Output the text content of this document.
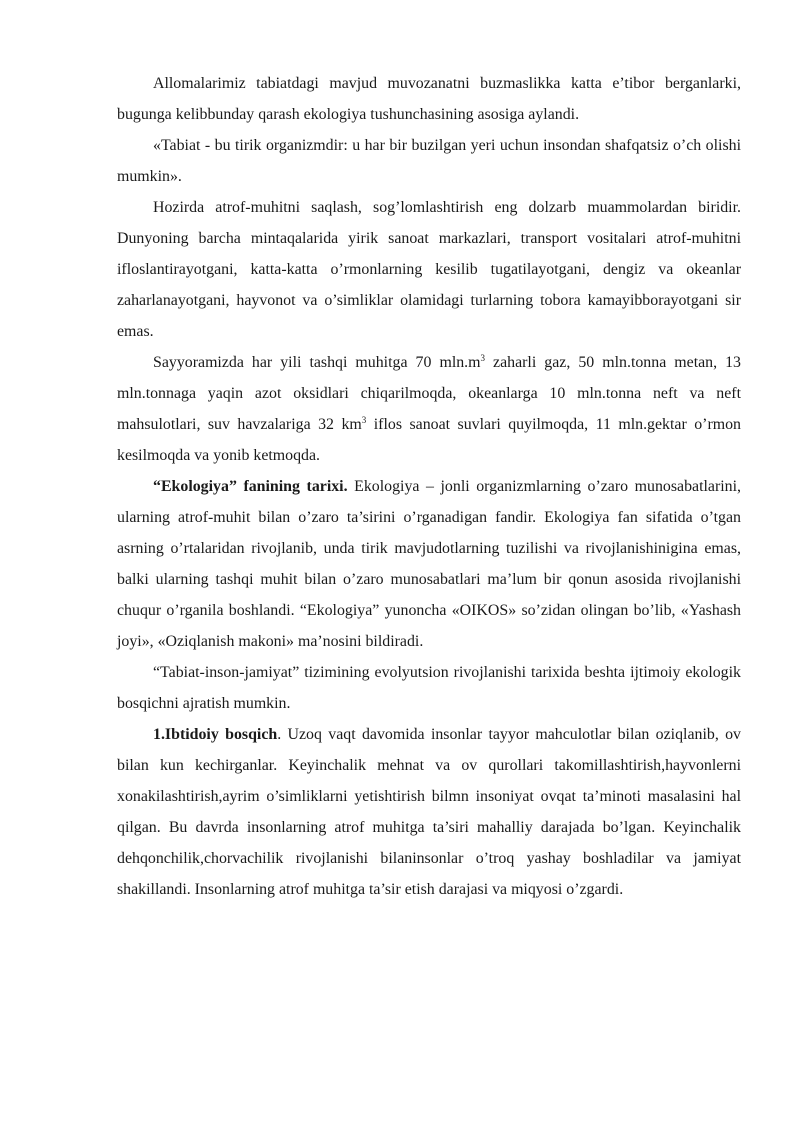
Allomalarimiz tabiatdagi mavjud muvozanatni buzmaslikka katta e’tibor berganlarki, bugunga kelibbunday qarash ekologiya tushunchasining asosiga aylandi.

«Tabiat - bu tirik organizmdir: u har bir buzilgan yeri uchun insondan shafqatsiz o’ch olishi mumkin».

Hozirda atrof-muhitni saqlash, sog’lomlashtirish eng dolzarb muammolardan biridir. Dunyoning barcha mintaqalarida yirik sanoat markazlari, transport vositalari atrof-muhitni ifloslantirayotgani, katta-katta o’rmonlarning kesilib tugatilayotgani, dengiz va okeanlar zaharlanayotgani, hayvonot va o’simliklar olamidagi turlarning tobora kamayibborayotgani sir emas.

Sayyoramizda har yili tashqi muhitga 70 $mln.m^3$ zaharli gaz, 50 mln.tonna metan, 13 mln.tonnaga yaqin azot oksidlari chiqarilmoqda, okeanlarga 10 mln.tonna neft va neft mahsulotlari, suv havzalariga 32 $km^3$ iflos sanoat suvlari quyilmoqda, 11 mln.gektar o’rmon kesilmoqda va yonib ketmoqda.

“Ekologiya” fanining tarixi. Ekologiya – jonli organizmlarning o’zaro munosabatlarini, ularning atrof-muhit bilan o’zaro ta’sirini o’rganadigan fandir. Ekologiya fan sifatida o’tgan asrning o’rtalaridan rivojlanib, unda tirik mavjudotlarning tuzilishi va rivojlanishinigina emas, balki ularning tashqi muhit bilan o’zaro munosabatlari ma’lum bir qonun asosida rivojlanishi chuqur o’rganila boshlandi. “Ekologiya” yunoncha «OIKOS» so’zidan olingan bo’lib, «Yashash joyi», «Oziqlanish makoni» ma’nosini bildiradi.

“Tabiat-inson-jamiyat” tizimining evolyutsion rivojlanishi tarixida beshta ijtimoiy ekologik bosqichni ajratish mumkin.

1.Ibtidoiy bosqich. Uzoq vaqt davomida insonlar tayyor mahculotlar bilan oziqlanib, ov bilan kun kechirganlar. Keyinchalik mehnat va ov qurollari takomillashtirish,hayvonlerni xonakilashtirish,ayrim o’simliklarni yetishtirish bilmn insoniyat ovqat ta’minoti masalasini hal qilgan. Bu davrda insonlarning atrof muhitga ta’siri mahalliy darajada bo’lgan. Keyinchalik dehqonchilik,chorvachilik rivojlanishi bilaninsonlar o’troq yashay boshladilar va jamiyat shakillandi. Insonlarning atrof muhitga ta’sir etish darajasi va miqyosi o’zgardi.
